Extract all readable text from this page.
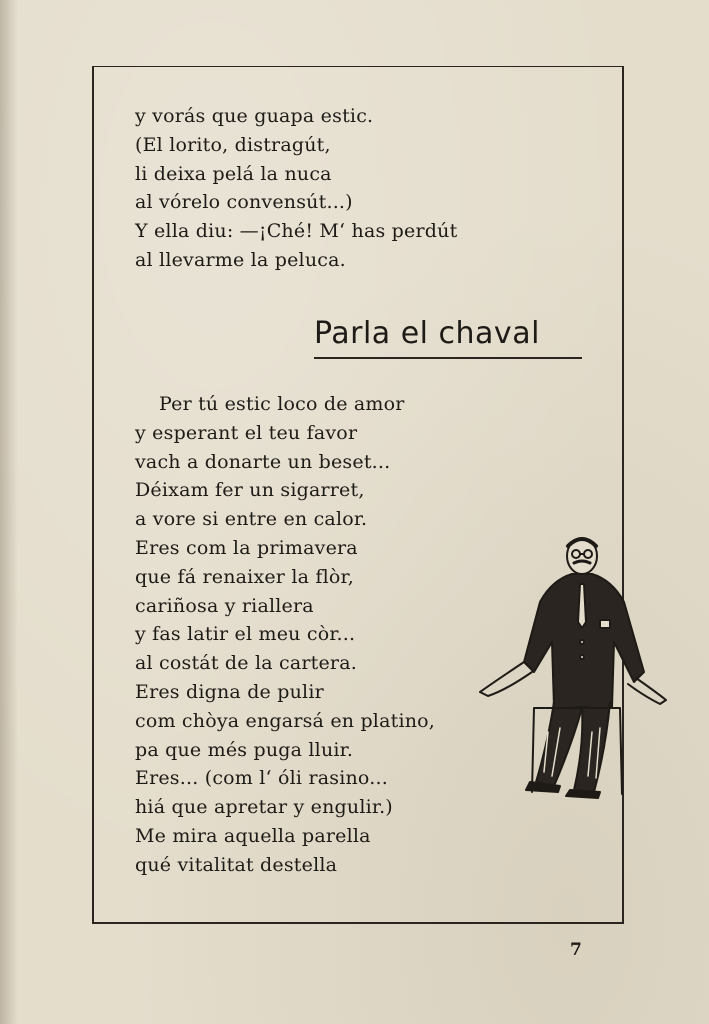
y vorás que guapa estic.
(El lorito, distragút,
li deixa pelá la nuca
al vórelo convensút...)
Y ella diu: —¡Ché! M‘ has perdút
al llevarme la peluca.
Parla el chaval
Per tú estic loco de amor
y esperant el teu favor
vach a donarte un beset...
Déixam fer un sigarret,
a vore si entre en calor.
Eres com la primavera
que fá renaixer la flòr,
cariñosa y riallera
y fas latir el meu còr...
al costát de la cartera.
Eres digna de pulir
com chòya engarsá en platino,
pa que més puga lluir.
Eres... (com l‘ óli rasino...
hiá que apretar y engulir.)
Me mira aquella parella
qué vitalitat destella
7
